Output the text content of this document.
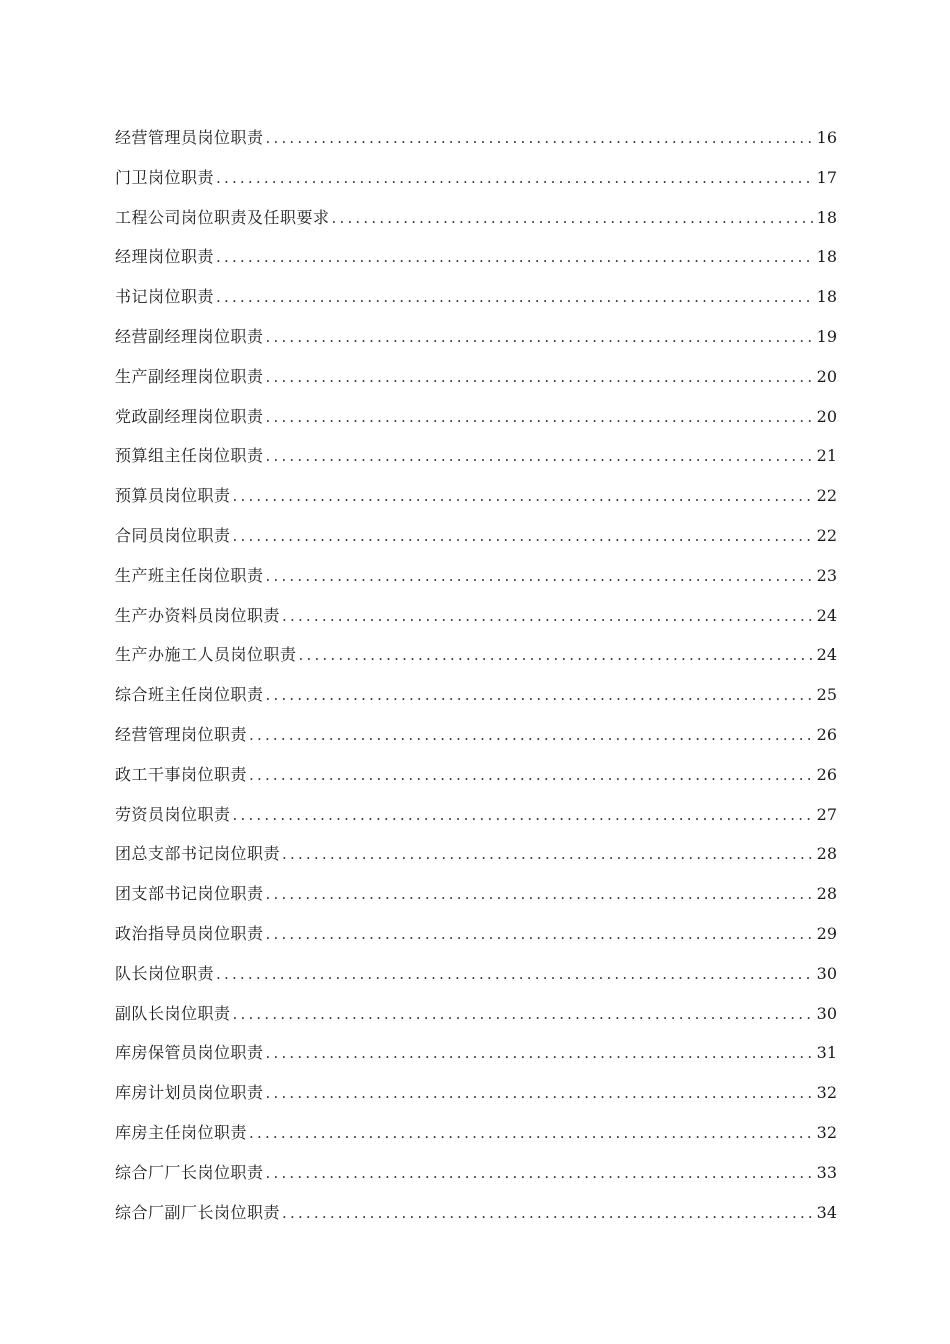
经营管理员岗位职责 .....	16
门卫岗位职责 .....	17
工程公司岗位职责及任职要求 .....	18
经理岗位职责 .....	18
书记岗位职责 .....	18
经营副经理岗位职责 .....	19
生产副经理岗位职责 .....	20
党政副经理岗位职责 .....	20
预算组主任岗位职责 .....	21
预算员岗位职责 .....	22
合同员岗位职责 .....	22
生产班主任岗位职责 .....	23
生产办资料员岗位职责 .....	24
生产办施工人员岗位职责 .....	24
综合班主任岗位职责 .....	25
经营管理岗位职责 .....	26
政工干事岗位职责 .....	26
劳资员岗位职责 .....	27
团总支部书记岗位职责 .....	28
团支部书记岗位职责 .....	28
政治指导员岗位职责 .....	29
队长岗位职责 .....	30
副队长岗位职责 .....	30
库房保管员岗位职责 .....	31
库房计划员岗位职责 .....	32
库房主任岗位职责 .....	32
综合厂厂长岗位职责 .....	33
综合厂副厂长岗位职责 .....	34
